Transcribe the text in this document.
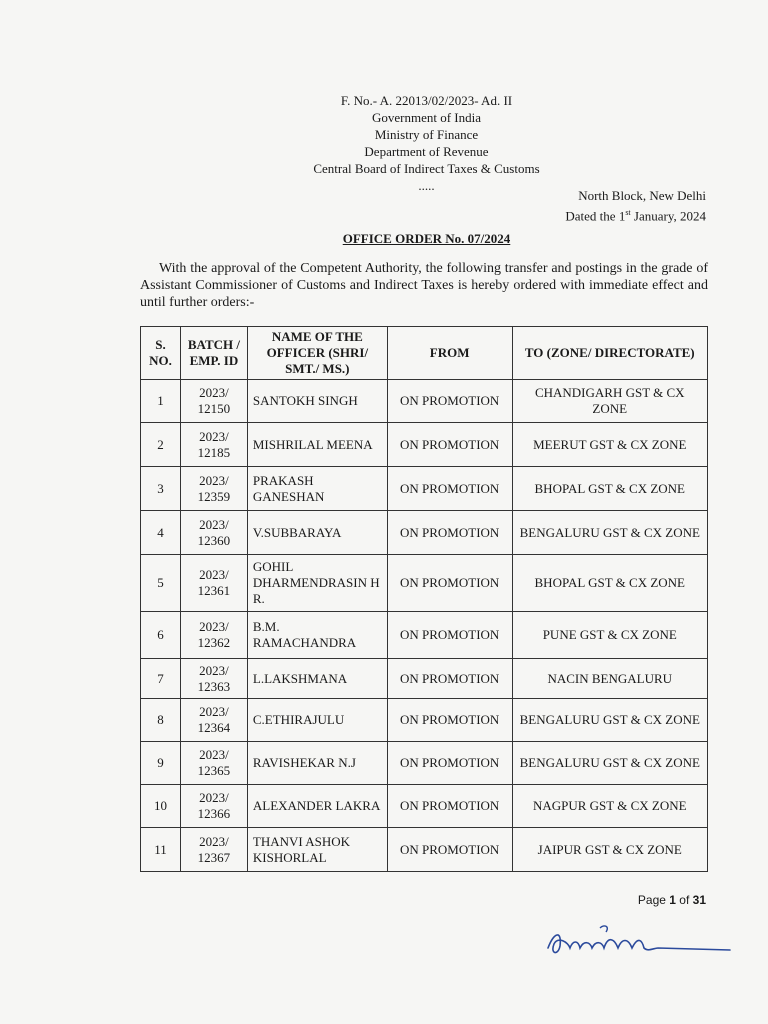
F. No.- A. 22013/02/2023- Ad. II
Government of India
Ministry of Finance
Department of Revenue
Central Board of Indirect Taxes & Customs
.....
North Block, New Delhi
Dated the 1st January, 2024
OFFICE ORDER No. 07/2024
With the approval of the Competent Authority, the following transfer and postings in the grade of Assistant Commissioner of Customs and Indirect Taxes is hereby ordered with immediate effect and until further orders:-
S. NO.	BATCH / EMP. ID	NAME OF THE OFFICER (SHRI/ SMT./ MS.)	FROM	TO (ZONE/ DIRECTORATE)
1	2023/ 12150	SANTOKH SINGH	ON PROMOTION	CHANDIGARH GST & CX ZONE
2	2023/ 12185	MISHRILAL MEENA	ON PROMOTION	MEERUT GST & CX ZONE
3	2023/ 12359	PRAKASH GANESHAN	ON PROMOTION	BHOPAL GST & CX ZONE
4	2023/ 12360	V.SUBBARAYA	ON PROMOTION	BENGALURU GST & CX ZONE
5	2023/ 12361	GOHIL DHARMENDRASIN H R.	ON PROMOTION	BHOPAL GST & CX ZONE
6	2023/ 12362	B.M. RAMACHANDRA	ON PROMOTION	PUNE GST & CX ZONE
7	2023/ 12363	L.LAKSHMANA	ON PROMOTION	NACIN BENGALURU
8	2023/ 12364	C.ETHIRAJULU	ON PROMOTION	BENGALURU GST & CX ZONE
9	2023/ 12365	RAVISHEKAR N.J	ON PROMOTION	BENGALURU GST & CX ZONE
10	2023/ 12366	ALEXANDER LAKRA	ON PROMOTION	NAGPUR GST & CX ZONE
11	2023/ 12367	THANVI ASHOK KISHORLAL	ON PROMOTION	JAIPUR GST & CX ZONE
Page 1 of 31
